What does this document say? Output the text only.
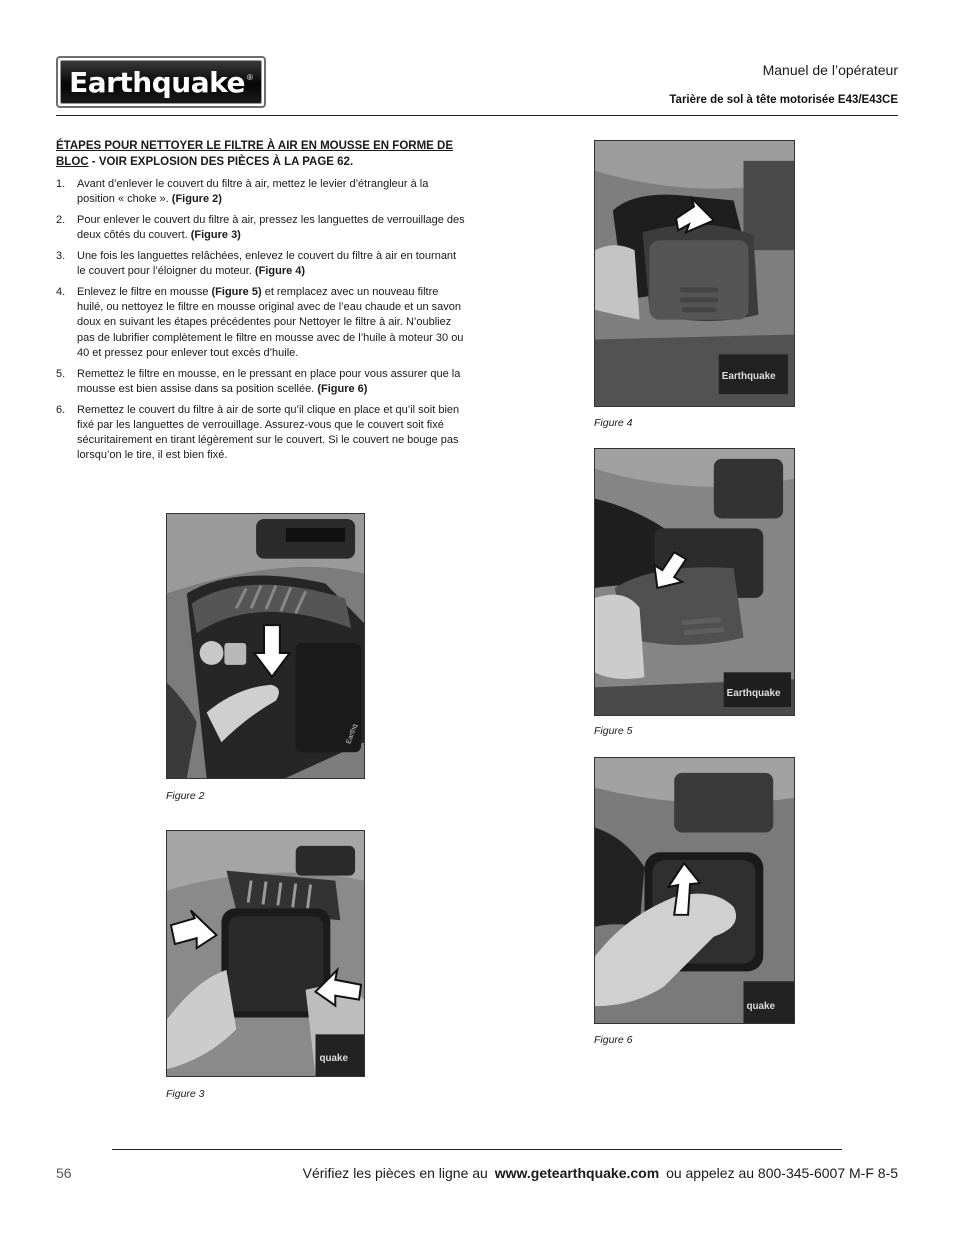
Earthquake ®	Manuel de l’opérateur
Tarière de sol à tête motorisée E43/E43CE

ÉTAPES POUR NETTOYER LE FILTRE À AIR EN MOUSSE EN FORME DE BLOC - VOIR EXPLOSION DES PIÈCES À LA PAGE 62.

1. Avant d’enlever le couvert du filtre à air, mettez le levier d’étrangleur à la position « choke ». (Figure 2)
2. Pour enlever le couvert du filtre à air, pressez les languettes de verrouillage des deux côtés du couvert. (Figure 3)
3. Une fois les languettes relâchées, enlevez le couvert du filtre à air en tournant le couvert pour l’éloigner du moteur. (Figure 4)
4. Enlevez le filtre en mousse (Figure 5) et remplacez avec un nouveau filtre huilé, ou nettoyez le filtre en mousse original avec de l’eau chaude et un savon doux en suivant les étapes précédentes pour Nettoyer le filtre à air. N’oubliez pas de lubrifier complètement le filtre en mousse avec de l’huile à moteur 30 ou 40 et pressez pour enlever tout excès d’huile.
5. Remettez le filtre en mousse, en le pressant en place pour vous assurer que la mousse est bien assise dans sa position scellée. (Figure 6)
6. Remettez le couvert du filtre à air de sorte qu’il clique en place et qu’il soit bien fixé par les languettes de verrouillage. Assurez-vous que le couvert soit fixé sécuritairement en tirant légèrement sur le couvert. Si le couvert ne bouge pas lorsqu’on le tire, il est bien fixé.
Earthq
Figure 2
quake
Figure 3
Earthquake
Figure 4
Earthquake
Figure 5
quake
Figure 6
56	Vérifiez les pièces en ligne au www.getearthquake.com ou appelez au 800-345-6007 M-F 8-5
